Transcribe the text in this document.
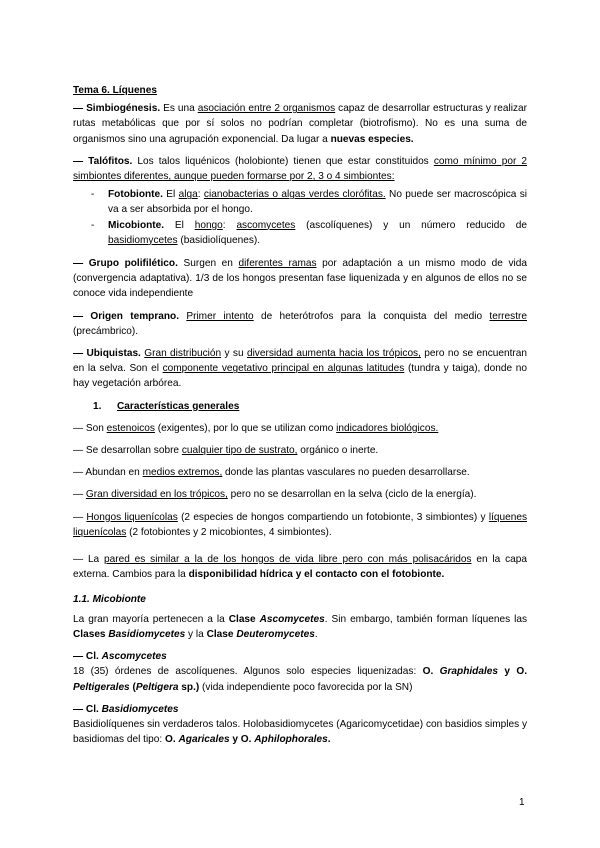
Tema 6. Líquenes

— Simbiogénesis. Es una asociación entre 2 organismos capaz de desarrollar estructuras y realizar rutas metabólicas que por sí solos no podrían completar (biotrofismo). No es una suma de organismos sino una agrupación exponencial. Da lugar a nuevas especies.

— Talófitos. Los talos liquénicos (holobionte) tienen que estar constituidos como mínimo por 2 simbiontes diferentes, aunque pueden formarse por 2, 3 o 4 simbiontes:

- Fotobionte. El alga: cianobacterias o algas verdes clorófitas. No puede ser macroscópica si va a ser absorbida por el hongo.
- Micobionte. El hongo: ascomycetes (ascolíquenes) y un número reducido de basidiomycetes (basidiolíquenes).

— Grupo polifilético. Surgen en diferentes ramas por adaptación a un mismo modo de vida (convergencia adaptativa). 1/3 de los hongos presentan fase liquenizada y en algunos de ellos no se conoce vida independiente

— Origen temprano. Primer intento de heterótrofos para la conquista del medio terrestre (precámbrico).

— Ubiquistas. Gran distribución y su diversidad aumenta hacia los trópicos, pero no se encuentran en la selva. Son el componente vegetativo principal en algunas latitudes (tundra y taiga), donde no hay vegetación arbórea.

1. Características generales

— Son estenoicos (exigentes), por lo que se utilizan como indicadores biológicos.

— Se desarrollan sobre cualquier tipo de sustrato, orgánico o inerte.

— Abundan en medios extremos, donde las plantas vasculares no pueden desarrollarse.

— Gran diversidad en los trópicos, pero no se desarrollan en la selva (ciclo de la energía).

— Hongos liquenícolas (2 especies de hongos compartiendo un fotobionte, 3 simbiontes) y líquenes liquenícolas (2 fotobiontes y 2 micobiontes, 4 simbiontes).

— La pared es similar a la de los hongos de vida libre pero con más polisacáridos en la capa externa. Cambios para la disponibilidad hídrica y el contacto con el fotobionte.

1.1. Micobionte

La gran mayoría pertenecen a la Clase Ascomycetes. Sin embargo, también forman líquenes las Clases Basidiomycetes y la Clase Deuteromycetes.

— Cl. Ascomycetes

18 (35) órdenes de ascolíquenes. Algunos solo especies liquenizadas: O. Graphidales y O. Peltigerales (Peltigera sp.) (vida independiente poco favorecida por la SN)

— Cl. Basidiomycetes

Basidiolíquenes sin verdaderos talos. Holobasidiomycetes (Agaricomycetidae) con basidios simples y basidiomas del tipo: O. Agaricales y O. Aphilophorales.

1
